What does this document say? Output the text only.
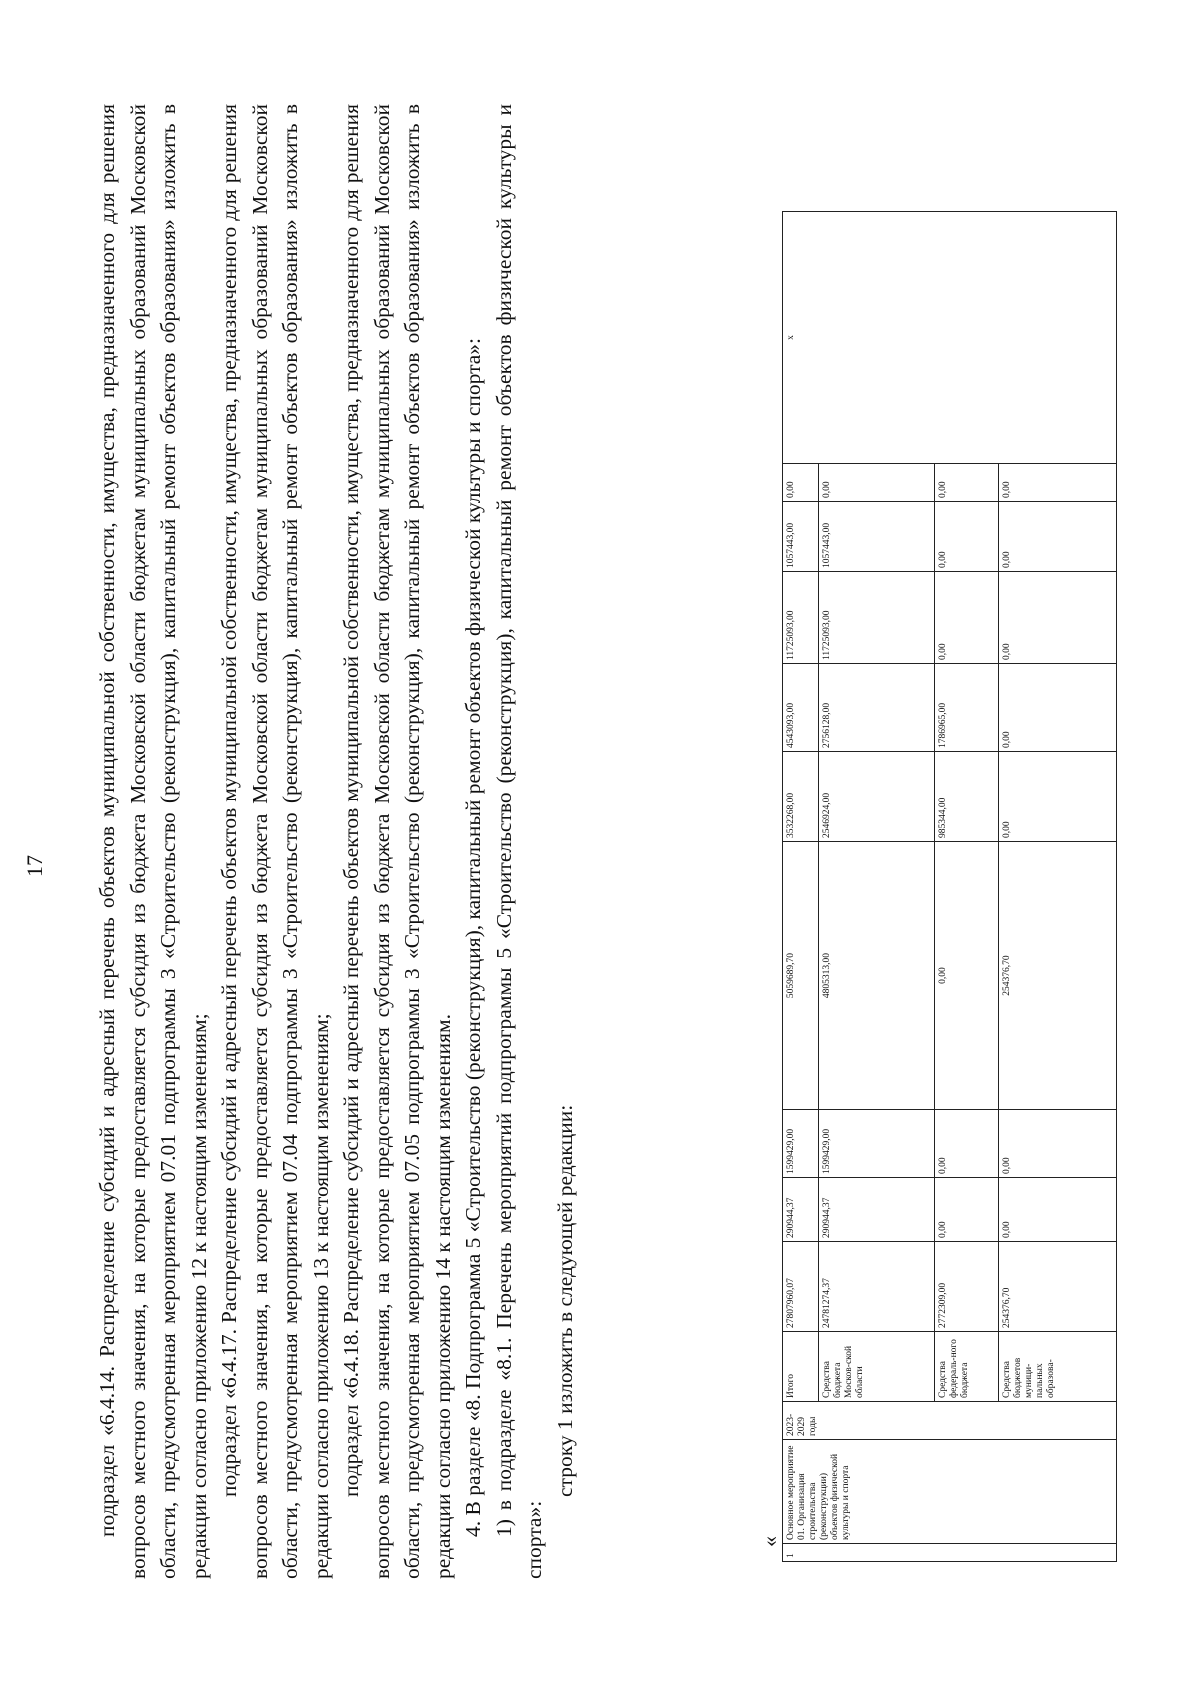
17 подраздел «6.4.14. Распределение субсидий и адресный перечень объектов муниципальной собственности, имущества, предназначенного для решения вопросов местного значения, на которые предоставляется субсидия из бюджета Московской области бюджетам муниципальных образований Московской области, предусмотренная мероприятием 07.01 подпрограммы 3 «Строительство (реконструкция), капитальный ремонт объектов образования» изложить в редакции согласно приложению 12 к настоящим изменениям; подраздел «6.4.17. Распределение субсидий и адресный перечень объектов муниципальной собственности, имущества, предназначенного для решения вопросов местного значения, на которые предоставляется субсидия из бюджета Московской области бюджетам муниципальных образований Московской области, предусмотренная мероприятием 07.04 подпрограммы 3 «Строительство (реконструкция), капитальный ремонт объектов образования» изложить в редакции согласно приложению 13 к настоящим изменениям; подраздел «6.4.18. Распределение субсидий и адресный перечень объектов муниципальной собственности, имущества, предназначенного для решения вопросов местного значения, на которые предоставляется субсидия из бюджета Московской области бюджетам муниципальных образований Московской области, предусмотренная мероприятием 07.05 подпрограммы 3 «Строительство (реконструкция), капитальный ремонт объектов образования» изложить в редакции согласно приложению 14 к настоящим изменениям. 4. В разделе «8. Подпрограмма 5 «Строительство (реконструкция), капитальный ремонт объектов физической культуры и спорта»: 1) в подразделе «8.1. Перечень мероприятий подпрограммы 5 «Строительство (реконструкция), капитальный ремонт объектов физической культуры и спорта»:

строку 1 изложить в следующей редакции:

«
1	Основное мероприятие 01. Организация строительства (реконструкции) объектов физической культуры и спорта	2023-2029 годы	Итого	27807960,07	290944,37	1599429,00	5059689,70	3532268,00	4543093,00	11725093,00	1057443,00	0,00	х
			Средства бюджета Москов-ской области	24781274,37	290944,37	1599429,00	4805313,00	2546924,00	2756128,00	11725093,00	1057443,00	0,00	
			Средства федераль-ного бюджета	2772309,00	0,00	0,00	0,00	985344,00	1786965,00	0,00	0,00	0,00	
			Средства бюджетов муници-пальных образова-	254376,70	0,00	0,00	254376,70	0,00	0,00	0,00	0,00	0,00	
